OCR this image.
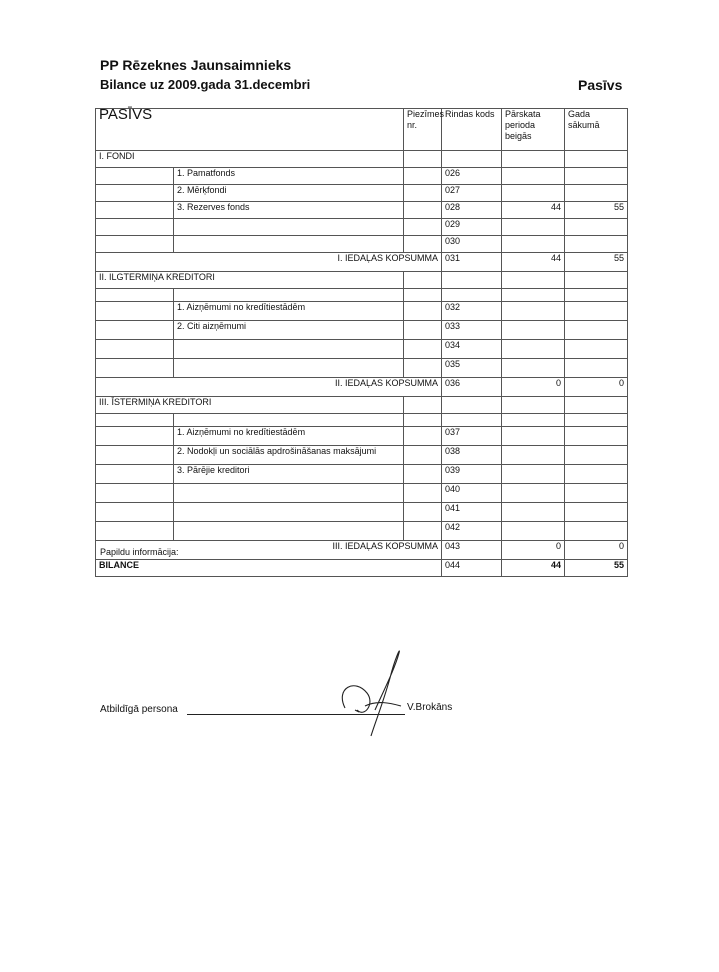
PP Rēzeknes Jaunsaimnieks
Bilance uz 2009.gada 31.decembri	Pasīvs
PASĪVS		Piezīmes nr.	Rindas kods	Pārskata perioda beigās	Gada sākumā
I. FONDI					
	1. Pamatfonds		026		
	2. Mērķfondi		027		
	3. Rezerves fonds		028	44	55
			029		
			030		
I. IEDAĻAS KOPSUMMA			031	44	55
II. ILGTERMIŅA KREDITORI					

	1. Aizņēmumi no kredītiestādēm		032		
	2. Citi aizņēmumi		033		
			034		
			035		
II. IEDAĻAS KOPSUMMA			036	0	0
III. ĪSTERMIŅA KREDITORI					

	1. Aizņēmumi no kredītiestādēm		037		
	2. Nodokļi un sociālās apdrošināšanas maksājumi		038		
	3. Pārējie kreditori		039		
			040		
			041		
			042		
III. IEDAĻAS KOPSUMMA			043	0	0
BILANCE			044	44	55
Papildu informācija:
Atbildīgā persona	V.Brokāns
